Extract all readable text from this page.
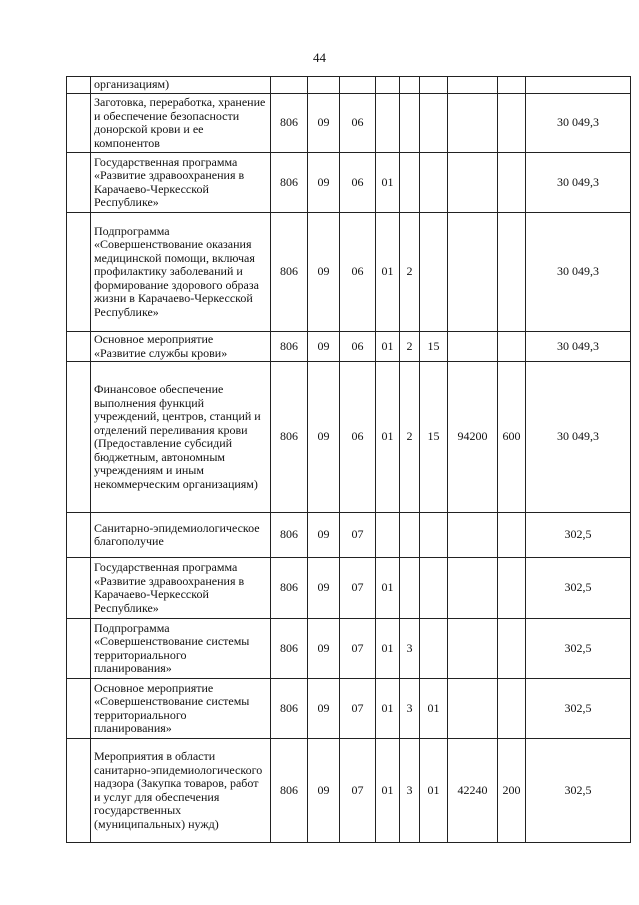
44
	организациям)									
	Заготовка, переработка, хранение и обеспечение безопасности донорской крови и ее компонентов	806	09	06						30 049,3
	Государственная программа «Развитие здравоохранения в Карачаево-Черкесской Республике»	806	09	06	01					30 049,3
	Подпрограмма «Совершенствование оказания медицинской помощи, включая профилактику заболеваний и формирование здорового образа жизни в Карачаево-Черкесской Республике»	806	09	06	01	2				30 049,3
	Основное мероприятие «Развитие службы крови»	806	09	06	01	2	15			30 049,3
	Финансовое обеспечение выполнения функций учреждений, центров, станций и отделений переливания крови (Предоставление субсидий бюджетным, автономным учреждениям и иным некоммерческим организациям)	806	09	06	01	2	15	94200	600	30 049,3
	Санитарно-эпидемиологическое благополучие	806	09	07						302,5
	Государственная программа «Развитие здравоохранения в Карачаево-Черкесской Республике»	806	09	07	01					302,5
	Подпрограмма «Совершенствование системы территориального планирования»	806	09	07	01	3				302,5
	Основное мероприятие «Совершенствование системы территориального планирования»	806	09	07	01	3	01			302,5
	Мероприятия в области санитарно-эпидемиологического надзора (Закупка товаров, работ и услуг для обеспечения государственных (муниципальных) нужд)	806	09	07	01	3	01	42240	200	302,5
